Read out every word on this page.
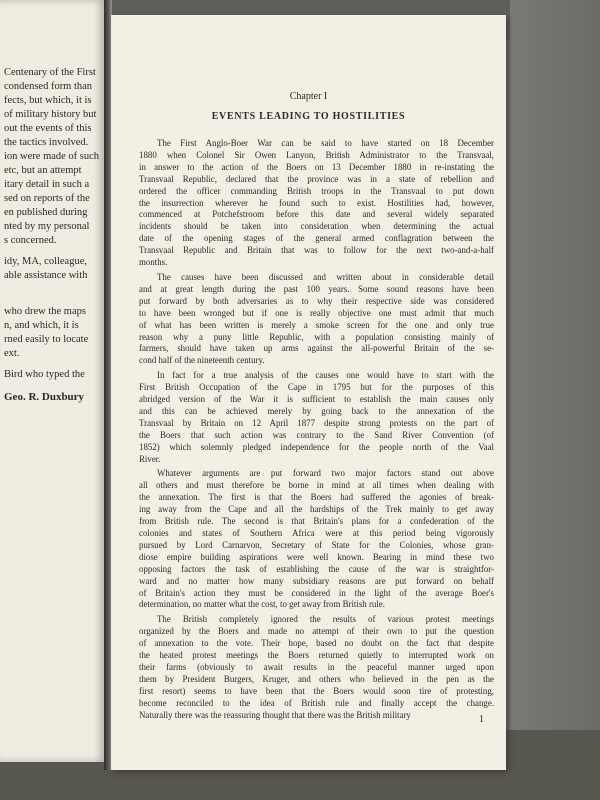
Centenary of the First
condensed form than
fects, but which, it is
of military history but
out the events of this
the tactics involved.
ion were made of such
etc, but an attempt
itary detail in such a
sed on reports of the
en published during
nted by my personal
s concerned.
idy, MA, colleague,
able assistance with
who drew the maps
n, and which, it is
rned easily to locate
ext.
Bird who typed the
Geo. R. Duxbury
Chapter I
EVENTS LEADING TO HOSTILITIES
The First Anglo-Boer War can be said to have started on 18 December
1880 when Colonel Sir Owen Lanyon, British Administrator to the Transvaal,
in answer to the action of the Boers on 13 December 1880 in re-instating the
Transvaal Republic, declared that the province was in a state of rebellion and
ordered the officer commanding British troops in the Transvaal to put down
the insurrection wherever he found such to exist. Hostilities had, however,
commenced at Potchefstroom before this date and several widely separated
incidents should be taken into consideration when determining the actual
date of the opening stages of the general armed conflagration between the
Transvaal Republic and Britain that was to follow for the next two-and-a-half
months.
The causes have been discussed and written about in considerable detail
and at great length during the past 100 years. Some sound reasons have been
put forward by both adversaries as to why their respective side was considered
to have been wronged but if one is really objective one must admit that much
of what has been written is merely a smoke screen for the one and only true
reason why a puny little Republic, with a population consisting mainly of
farmers, should have taken up arms against the all-powerful Britain of the se-
cond half of the nineteenth century.
In fact for a true analysis of the causes one would have to start with the
First British Occupation of the Cape in 1795 but for the purposes of this
abridged version of the War it is sufficient to establish the main causes only
and this can be achieved merely by going back to the annexation of the
Transvaal by Britain on 12 April 1877 despite strong protests on the part of
the Boers that such action was contrary to the Sand River Convention (of
1852) which solemnly pledged independence for the people north of the Vaal
River.
Whatever arguments are put forward two major factors stand out above
all others and must therefore be borne in mind at all times when dealing with
the annexation. The first is that the Boers had suffered the agonies of break-
ing away from the Cape and all the hardships of the Trek mainly to get away
from British rule. The second is that Britain's plans for a confederation of the
colonies and states of Southern Africa were at this period being vigorously
pursued by Lord Carnarvon, Secretary of State for the Colonies, whose gran-
diose empire building aspirations were well known. Bearing in mind these two
opposing factors the task of establishing the cause of the war is straightfor-
ward and no matter how many subsidiary reasons are put forward on behalf
of Britain's action they must be considered in the light of the average Boer's
determination, no matter what the cost, to get away from British rule.
The British completely ignored the results of various protest meetings
organized by the Boers and made no attempt of their own to put the question
of annexation to the vote. Their hope, based no doubt on the fact that despite
the heated protest meetings the Boers returned quietly to interrupted work on
their farms (obviously to await results in the peaceful manner urged upon
them by President Burgers, Kruger, and others who believed in the pen as the
first resort) seems to have been that the Boers would soon tire of protesting,
become reconciled to the idea of British rule and finally accept the change.
Naturally there was the reassuring thought that there was the British military	1
